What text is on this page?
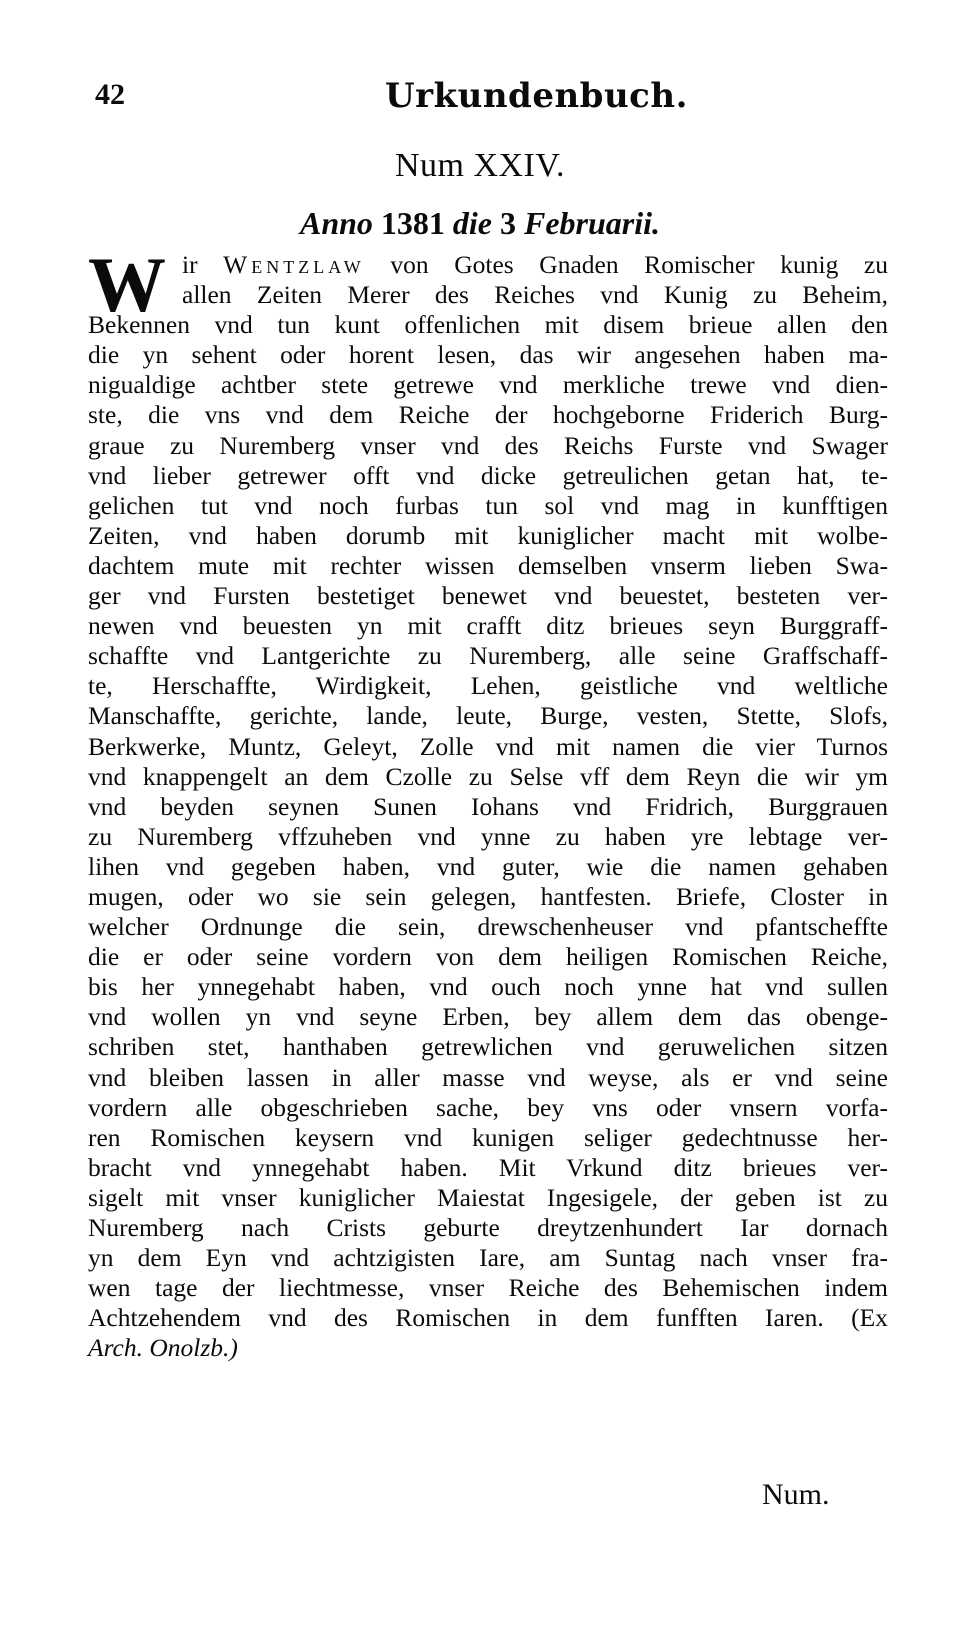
42	Urkundenbuch.
Num XXIV.
Anno 1381 die 3 Februarii.
W ir Wentzlaw von Gotes Gnaden Romischer kunig zu
allen Zeiten Merer des Reiches vnd Kunig zu Beheim,
Bekennen vnd tun kunt offenlichen mit disem brieue allen den
die yn sehent oder horent lesen, das wir angesehen haben ma-
nigualdige achtber stete getrewe vnd merkliche trewe vnd dien-
ste, die vns vnd dem Reiche der hochgeborne Friderich Burg-
graue zu Nuremberg vnser vnd des Reichs Furste vnd Swager
vnd lieber getrewer offt vnd dicke getreulichen getan hat, te-
gelichen tut vnd noch furbas tun sol vnd mag in kunfftigen
Zeiten, vnd haben dorumb mit kuniglicher macht mit wolbe-
dachtem mute mit rechter wissen demselben vnserm lieben Swa-
ger vnd Fursten bestetiget benewet vnd beuestet, besteten ver-
newen vnd beuesten yn mit crafft ditz brieues seyn Burggraff-
schaffte vnd Lantgerichte zu Nuremberg, alle seine Graffschaff-
te, Herschaffte, Wirdigkeit, Lehen, geistliche vnd weltliche
Manschaffte, gerichte, lande, leute, Burge, vesten, Stette, Slofs,
Berkwerke, Muntz, Geleyt, Zolle vnd mit namen die vier Turnos
vnd knappengelt an dem Czolle zu Selse vff dem Reyn die wir ym
vnd beyden seynen Sunen Iohans vnd Fridrich, Burggrauen
zu Nuremberg vffzuheben vnd ynne zu haben yre lebtage ver-
lihen vnd gegeben haben, vnd guter, wie die namen gehaben
mugen, oder wo sie sein gelegen, hantfesten. Briefe, Closter in
welcher Ordnunge die sein, drewschenheuser vnd pfantscheffte
die er oder seine vordern von dem heiligen Romischen Reiche,
bis her ynnegehabt haben, vnd ouch noch ynne hat vnd sullen
vnd wollen yn vnd seyne Erben, bey allem dem das obenge-
schriben stet, hanthaben getrewlichen vnd geruwelichen sitzen
vnd bleiben lassen in aller masse vnd weyse, als er vnd seine
vordern alle obgeschrieben sache, bey vns oder vnsern vorfa-
ren Romischen keysern vnd kunigen seliger gedechtnusse her-
bracht vnd ynnegehabt haben. Mit Vrkund ditz brieues ver-
sigelt mit vnser kuniglicher Maiestat Ingesigele, der geben ist zu
Nuremberg nach Crists geburte dreytzenhundert Iar dornach
yn dem Eyn vnd achtzigisten Iare, am Suntag nach vnser fra-
wen tage der liechtmesse, vnser Reiche des Behemischen indem
Achtzehendem vnd des Romischen in dem funfften Iaren. (Ex
Arch. Onolzb.)
Num.
